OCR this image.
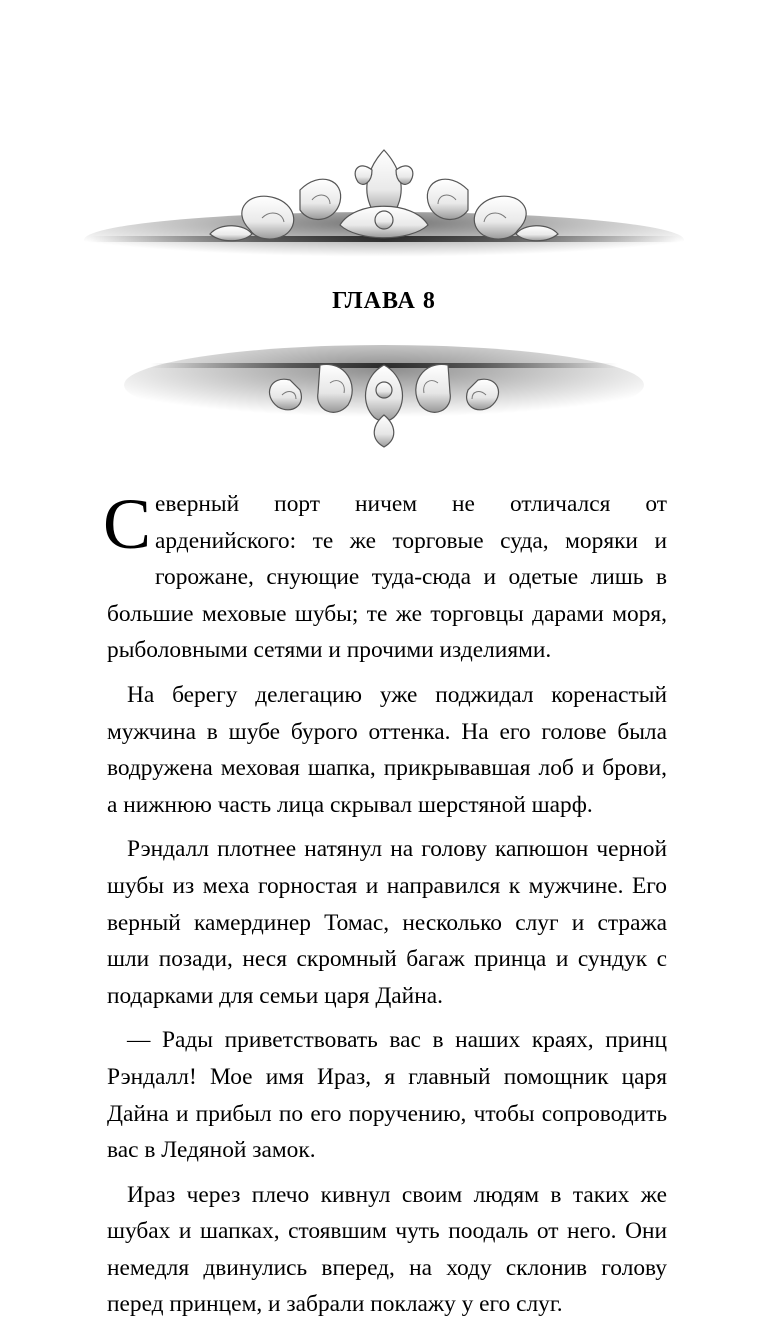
ГЛАВА 8

Северный порт ничем не отличался от арденийского: те же торговые суда, моряки и горожане, снующие туда-сюда и одетые лишь в большие меховые шубы; те же торговцы дарами моря, рыболовными сетями и прочими изделиями.

На берегу делегацию уже поджидал коренастый мужчина в шубе бурого оттенка. На его голове была водружена меховая шапка, прикрывавшая лоб и брови, а нижнюю часть лица скрывал шерстяной шарф.

Рэндалл плотнее натянул на голову капюшон черной шубы из меха горностая и направился к мужчине. Его верный камердинер Томас, несколько слуг и стража шли позади, неся скромный багаж принца и сундук с подарками для семьи царя Дайна.

— Рады приветствовать вас в наших краях, принц Рэндалл! Мое имя Ираз, я главный помощник царя Дайна и прибыл по его поручению, чтобы сопроводить вас в Ледяной замок.

Ираз через плечо кивнул своим людям в таких же шубах и шапках, стоявшим чуть поодаль от него. Они немедля двинулись вперед, на ходу склонив голову перед принцем, и забрали поклажу у его слуг.
